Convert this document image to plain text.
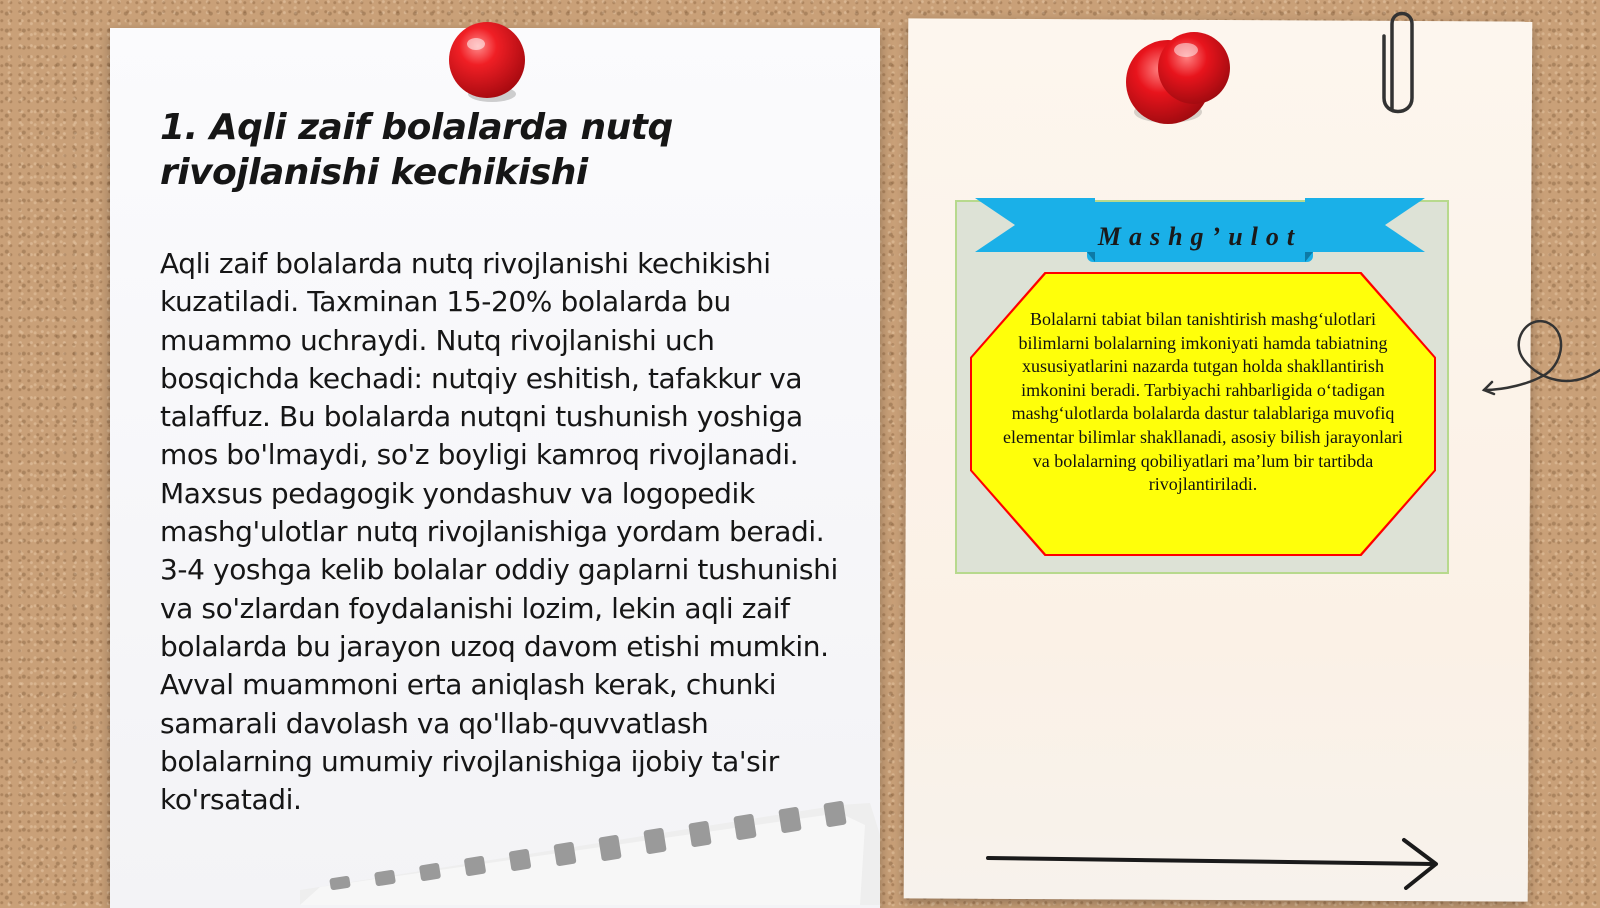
1. Aqli zaif bolalarda nutq rivojlanishi kechikishi

Aqli zaif bolalarda nutq rivojlanishi kechikishi kuzatiladi. Taxminan 15-20% bolalarda bu muammo uchraydi. Nutq rivojlanishi uch bosqichda kechadi: nutqiy eshitish, tafakkur va talaffuz. Bu bolalarda nutqni tushunish yoshiga mos bo'lmaydi, so'z boyligi kamroq rivojlanadi. Maxsus pedagogik yondashuv va logopedik mashg'ulotlar nutq rivojlanishiga yordam beradi. 3-4 yoshga kelib bolalar oddiy gaplarni tushunishi va so'zlardan foydalanishi lozim, lekin aqli zaif bolalarda bu jarayon uzoq davom etishi mumkin. Avval muammoni erta aniqlash kerak, chunki samarali davolash va qo'llab-quvvatlash bolalarning umumiy rivojlanishiga ijobiy ta'sir ko'rsatadi.

Mashg’ulot

Bolalarni tabiat bilan tanishtirish mashg‘ulotlari bilimlarni bolalarning imkoniyati hamda tabiatning xususiyatlarini nazarda tutgan holda shakllantirish imkonini beradi. Tarbiyachi rahbarligida o‘tadigan mashg‘ulotlarda bolalarda dastur talablariga muvofiq elementar bilimlar shakllanadi, asosiy bilish jarayonlari va bolalarning qobiliyatlari ma’lum bir tartibda rivojlantiriladi.
